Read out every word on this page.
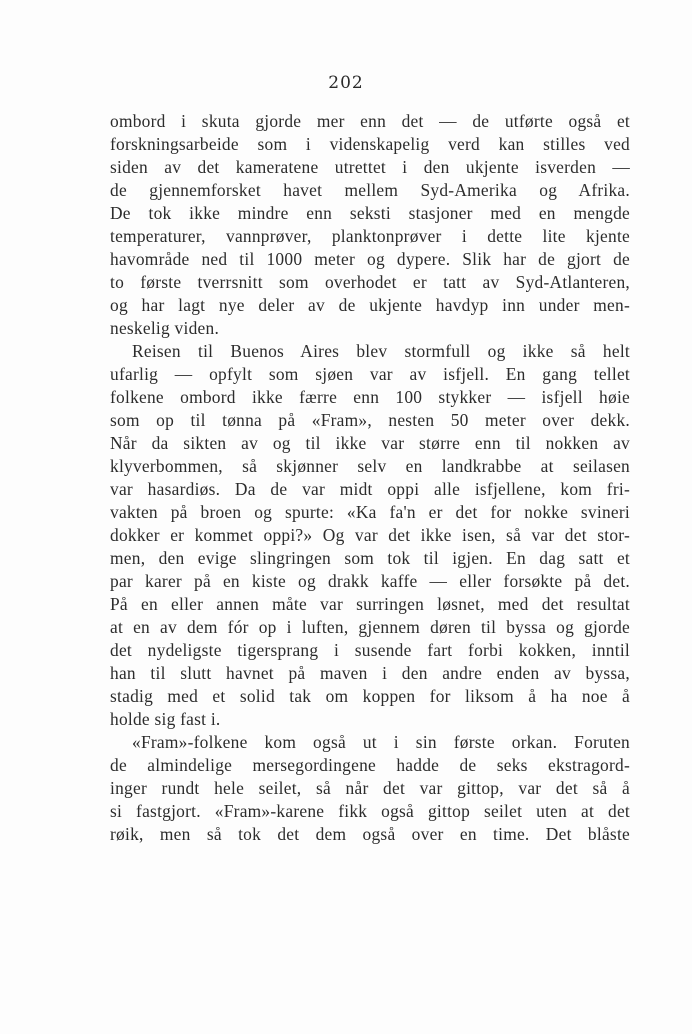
202

ombord i skuta gjorde mer enn det — de utførte også et
forskningsarbeide som i videnskapelig verd kan stilles ved
siden av det kameratene utrettet i den ukjente isverden —
de gjennemforsket havet mellem Syd-Amerika og Afrika.
De tok ikke mindre enn seksti stasjoner med en mengde
temperaturer, vannprøver, planktonprøver i dette lite kjente
havområde ned til 1000 meter og dypere. Slik har de gjort de
to første tverrsnitt som overhodet er tatt av Syd-Atlanteren,
og har lagt nye deler av de ukjente havdyp inn under men-
neskelig viden.
Reisen til Buenos Aires blev stormfull og ikke så helt
ufarlig — opfylt som sjøen var av isfjell. En gang tellet
folkene ombord ikke færre enn 100 stykker — isfjell høie
som op til tønna på «Fram», nesten 50 meter over dekk.
Når da sikten av og til ikke var større enn til nokken av
klyverbommen, så skjønner selv en landkrabbe at seilasen
var hasardiøs. Da de var midt oppi alle isfjellene, kom fri-
vakten på broen og spurte: «Ka fa'n er det for nokke svineri
dokker er kommet oppi?» Og var det ikke isen, så var det stor-
men, den evige slingringen som tok til igjen. En dag satt et
par karer på en kiste og drakk kaffe — eller forsøkte på det.
På en eller annen måte var surringen løsnet, med det resultat
at en av dem fór op i luften, gjennem døren til byssa og gjorde
det nydeligste tigersprang i susende fart forbi kokken, inntil
han til slutt havnet på maven i den andre enden av byssa,
stadig med et solid tak om koppen for liksom å ha noe å
holde sig fast i.
«Fram»-folkene kom også ut i sin første orkan. Foruten
de almindelige mersegordingene hadde de seks ekstragord-
inger rundt hele seilet, så når det var gittop, var det så å
si fastgjort. «Fram»-karene fikk også gittop seilet uten at det
røik, men så tok det dem også over en time. Det blåste
